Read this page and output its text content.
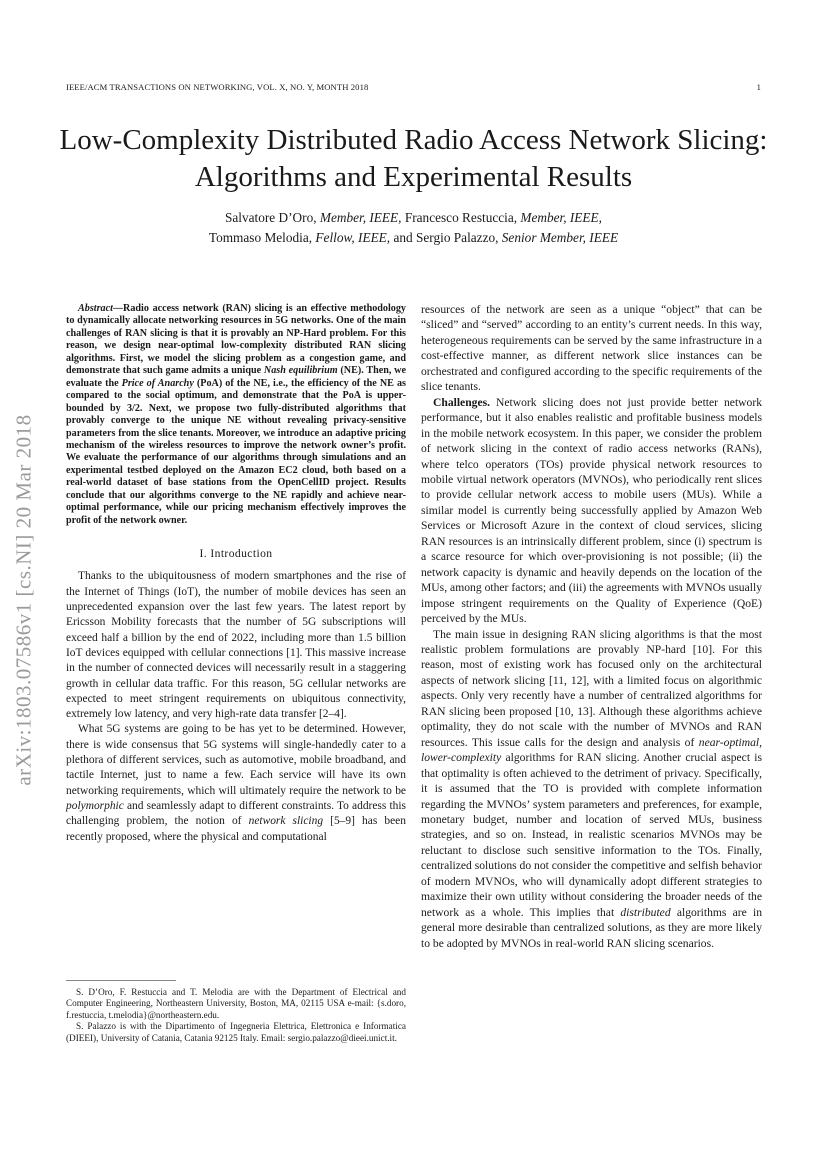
IEEE/ACM TRANSACTIONS ON NETWORKING, VOL. X, NO. Y, MONTH 2018	1
Low-Complexity Distributed Radio Access Network Slicing: Algorithms and Experimental Results
Salvatore D’Oro, Member, IEEE, Francesco Restuccia, Member, IEEE,
Tommaso Melodia, Fellow, IEEE, and Sergio Palazzo, Senior Member, IEEE
arXiv:1803.07586v1 [cs.NI] 20 Mar 2018

Abstract—Radio access network (RAN) slicing is an effective methodology to dynamically allocate networking resources in 5G networks. One of the main challenges of RAN slicing is that it is provably an NP-Hard problem. For this reason, we design near-optimal low-complexity distributed RAN slicing algorithms. First, we model the slicing problem as a congestion game, and demonstrate that such game admits a unique Nash equilibrium (NE). Then, we evaluate the Price of Anarchy (PoA) of the NE, i.e., the efficiency of the NE as compared to the social optimum, and demonstrate that the PoA is upper-bounded by 3/2. Next, we propose two fully-distributed algorithms that provably converge to the unique NE without revealing privacy-sensitive parameters from the slice tenants. Moreover, we introduce an adaptive pricing mechanism of the wireless resources to improve the network owner’s profit. We evaluate the performance of our algorithms through simulations and an experimental testbed deployed on the Amazon EC2 cloud, both based on a real-world dataset of base stations from the OpenCellID project. Results conclude that our algorithms converge to the NE rapidly and achieve near-optimal performance, while our pricing mechanism effectively improves the profit of the network owner.

I. Introduction

Thanks to the ubiquitousness of modern smartphones and the rise of the Internet of Things (IoT), the number of mobile devices has seen an unprecedented expansion over the last few years. The latest report by Ericsson Mobility forecasts that the number of 5G subscriptions will exceed half a billion by the end of 2022, including more than 1.5 billion IoT devices equipped with cellular connections [1]. This massive increase in the number of connected devices will necessarily result in a staggering growth in cellular data traffic. For this reason, 5G cellular networks are expected to meet stringent requirements on ubiquitous connectivity, extremely low latency, and very high-rate data transfer [2–4].

What 5G systems are going to be has yet to be determined. However, there is wide consensus that 5G systems will single-handedly cater to a plethora of different services, such as automotive, mobile broadband, and tactile Internet, just to name a few. Each service will have its own networking requirements, which will ultimately require the network to be polymorphic and seamlessly adapt to different constraints. To address this challenging problem, the notion of network slicing [5–9] has been recently proposed, where the physical and computational

S. D’Oro, F. Restuccia and T. Melodia are with the Department of Electrical and Computer Engineering, Northeastern University, Boston, MA, 02115 USA e-mail: {s.doro, f.restuccia, t.melodia}@northeastern.edu.

S. Palazzo is with the Dipartimento of Ingegneria Elettrica, Elettronica e Informatica (DIEEI), University of Catania, Catania 92125 Italy. Email: sergio.palazzo@dieei.unict.it.

resources of the network are seen as a unique “object” that can be “sliced” and “served” according to an entity’s current needs. In this way, heterogeneous requirements can be served by the same infrastructure in a cost-effective manner, as different network slice instances can be orchestrated and configured according to the specific requirements of the slice tenants.

Challenges. Network slicing does not just provide better network performance, but it also enables realistic and profitable business models in the mobile network ecosystem. In this paper, we consider the problem of network slicing in the context of radio access networks (RANs), where telco operators (TOs) provide physical network resources to mobile virtual network operators (MVNOs), who periodically rent slices to provide cellular network access to mobile users (MUs). While a similar model is currently being successfully applied by Amazon Web Services or Microsoft Azure in the context of cloud services, slicing RAN resources is an intrinsically different problem, since (i) spectrum is a scarce resource for which over-provisioning is not possible; (ii) the network capacity is dynamic and heavily depends on the location of the MUs, among other factors; and (iii) the agreements with MVNOs usually impose stringent requirements on the Quality of Experience (QoE) perceived by the MUs.

The main issue in designing RAN slicing algorithms is that the most realistic problem formulations are provably NP-hard [10]. For this reason, most of existing work has focused only on the architectural aspects of network slicing [11, 12], with a limited focus on algorithmic aspects. Only very recently have a number of centralized algorithms for RAN slicing been proposed [10, 13]. Although these algorithms achieve optimality, they do not scale with the number of MVNOs and RAN resources. This issue calls for the design and analysis of near-optimal, lower-complexity algorithms for RAN slicing. Another crucial aspect is that optimality is often achieved to the detriment of privacy. Specifically, it is assumed that the TO is provided with complete information regarding the MVNOs’ system parameters and preferences, for example, monetary budget, number and location of served MUs, business strategies, and so on. Instead, in realistic scenarios MVNOs may be reluctant to disclose such sensitive information to the TOs. Finally, centralized solutions do not consider the competitive and selfish behavior of modern MVNOs, who will dynamically adopt different strategies to maximize their own utility without considering the broader needs of the network as a whole. This implies that distributed algorithms are in general more desirable than centralized solutions, as they are more likely to be adopted by MVNOs in real-world RAN slicing scenarios.
